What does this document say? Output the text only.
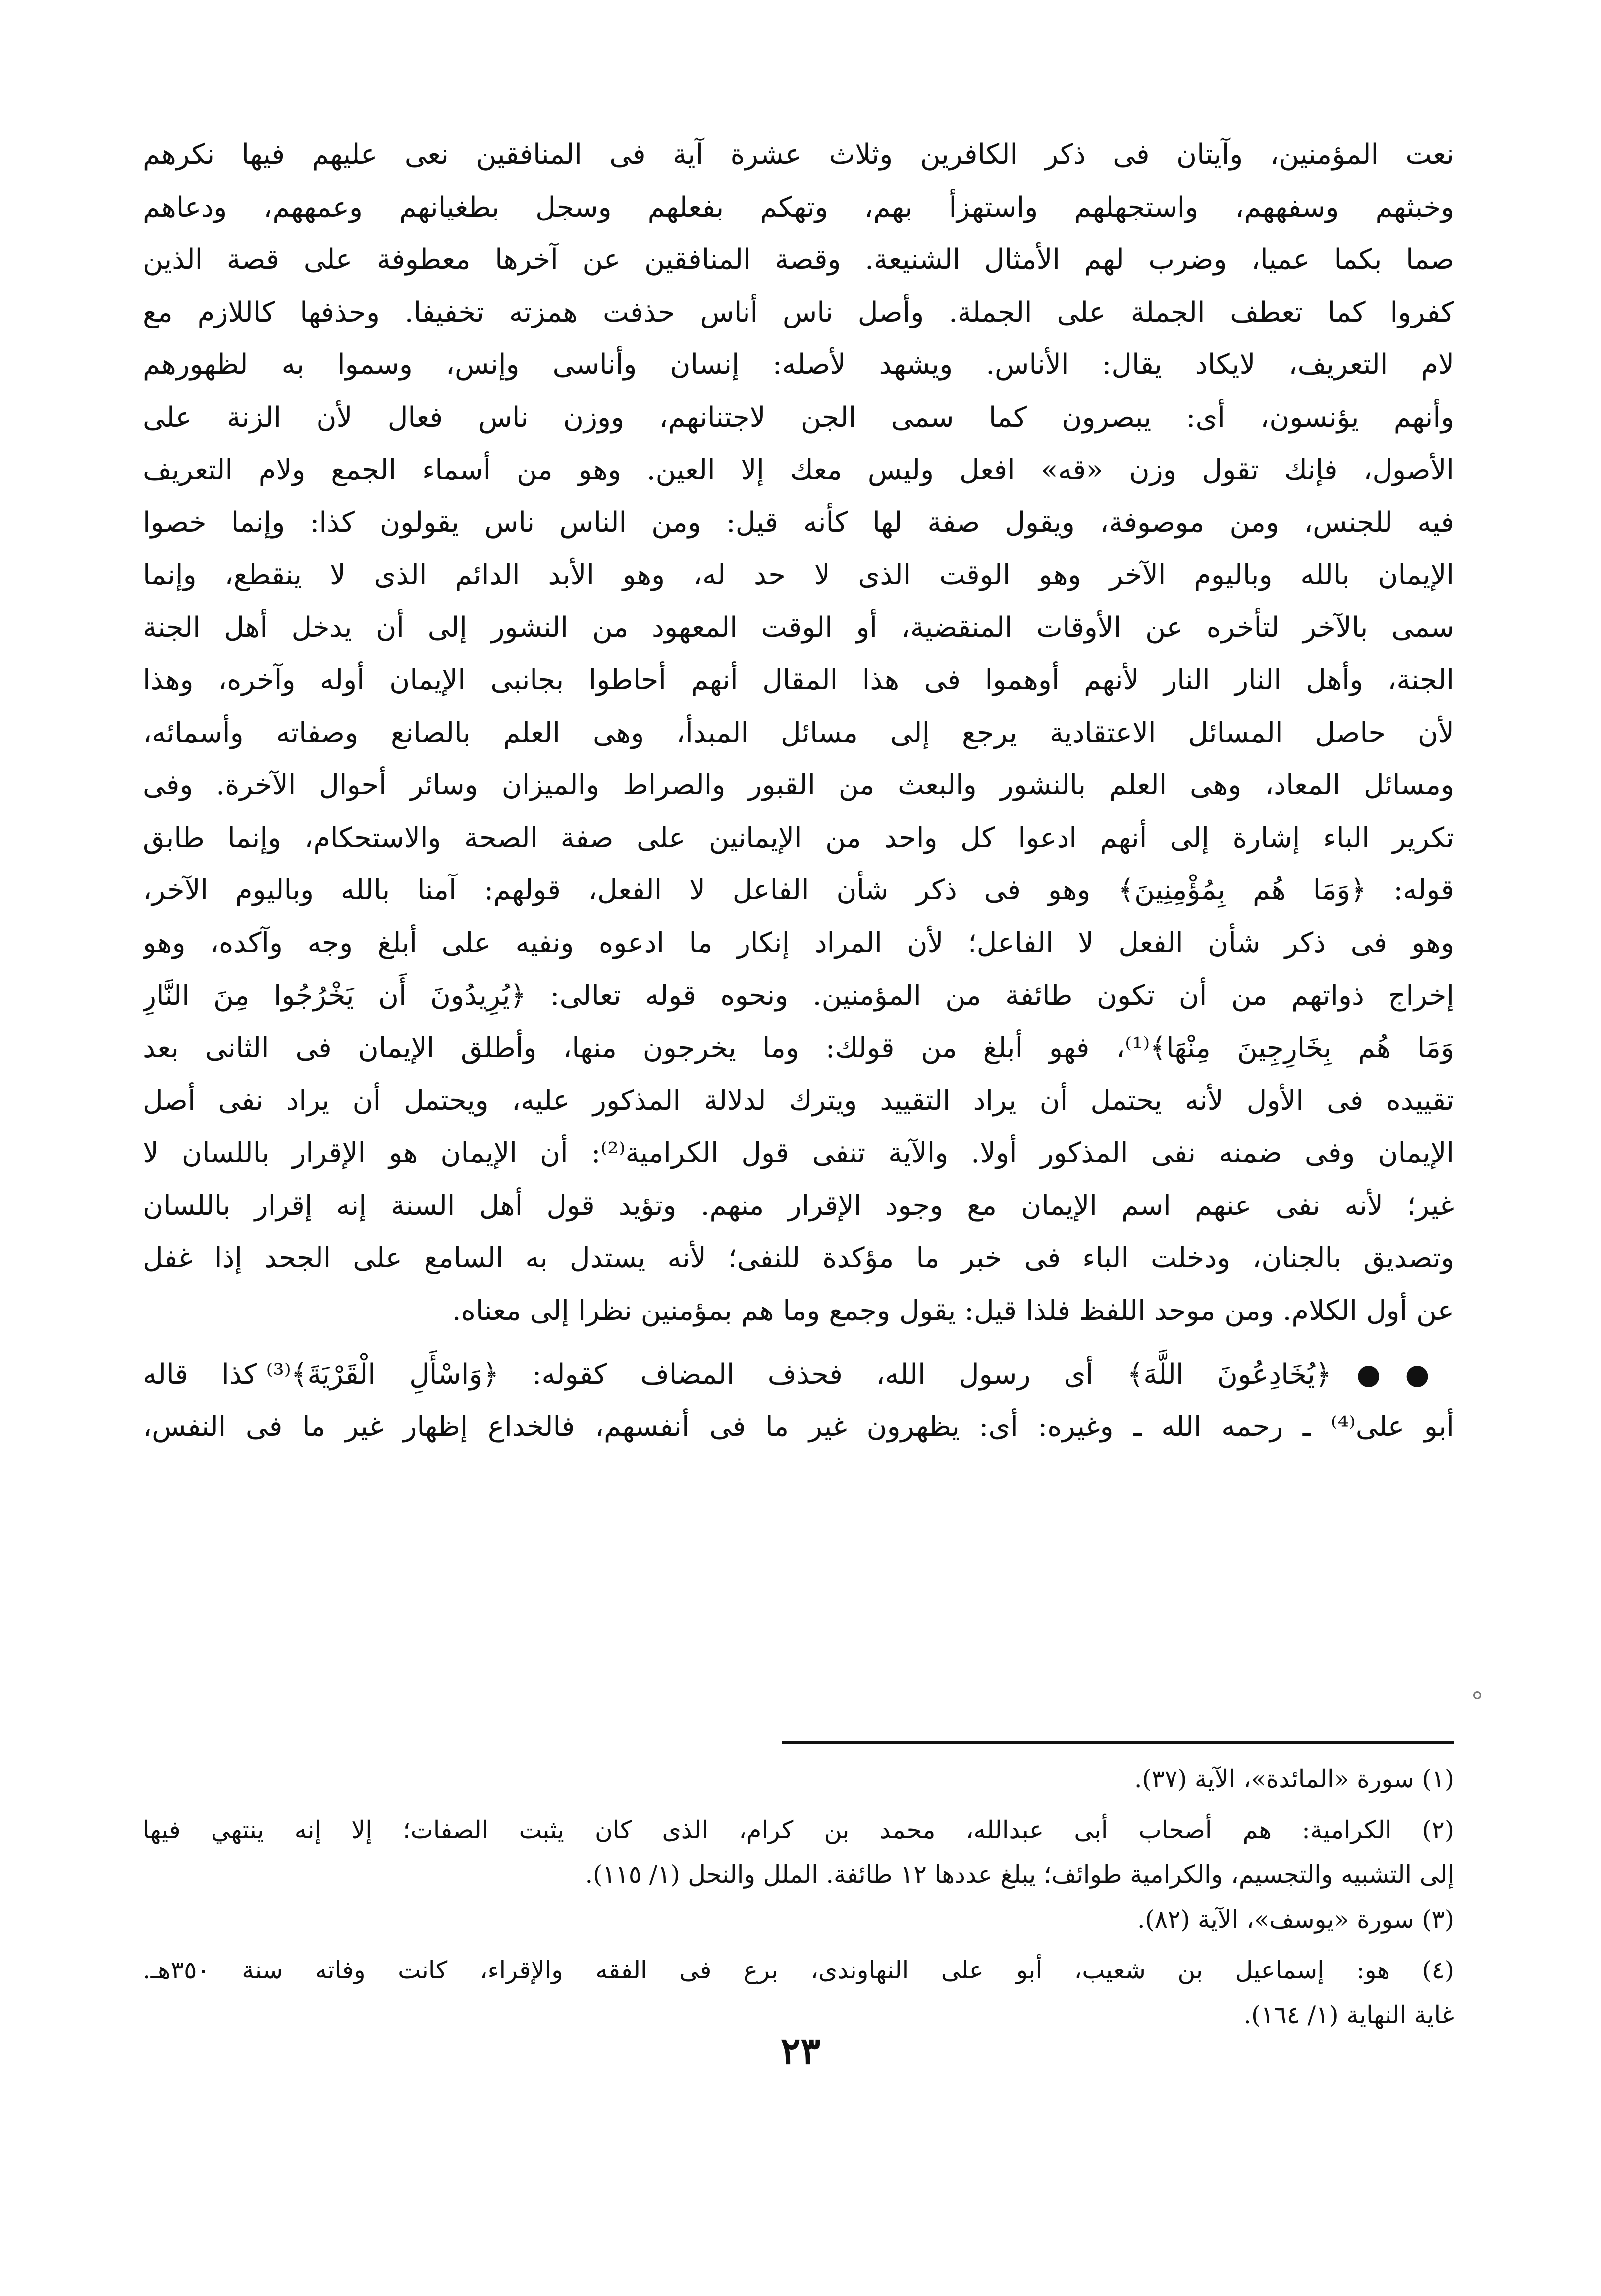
نعت المؤمنين، وآيتان فى ذكر الكافرين وثلاث عشرة آية فى المنافقين نعى عليهم فيها نكرهم
وخبثهم وسفههم، واستجهلهم واستهزأ بهم، وتهكم بفعلهم وسجل بطغيانهم وعمههم، ودعاهم
صما بكما عميا، وضرب لهم الأمثال الشنيعة. وقصة المنافقين عن آخرها معطوفة على قصة الذين
كفروا كما تعطف الجملة على الجملة. وأصل ناس أناس حذفت همزته تخفيفا. وحذفها كاللازم مع
لام التعريف، لايكاد يقال: الأناس. ويشهد لأصله: إنسان وأناسى وإنس، وسموا به لظهورهم
وأنهم يؤنسون، أى: يبصرون كما سمى الجن لاجتنانهم، ووزن ناس فعال لأن الزنة على
الأصول، فإنك تقول وزن «قه» افعل وليس معك إلا العين. وهو من أسماء الجمع ولام التعريف
فيه للجنس، ومن موصوفة، ويقول صفة لها كأنه قيل: ومن الناس ناس يقولون كذا: وإنما خصوا
الإيمان بالله وباليوم الآخر وهو الوقت الذى لا حد له، وهو الأبد الدائم الذى لا ينقطع، وإنما
سمى بالآخر لتأخره عن الأوقات المنقضية، أو الوقت المعهود من النشور إلى أن يدخل أهل الجنة
الجنة، وأهل النار النار لأنهم أوهموا فى هذا المقال أنهم أحاطوا بجانبى الإيمان أوله وآخره، وهذا
لأن حاصل المسائل الاعتقادية يرجع إلى مسائل المبدأ، وهى العلم بالصانع وصفاته وأسمائه،
ومسائل المعاد، وهى العلم بالنشور والبعث من القبور والصراط والميزان وسائر أحوال الآخرة. وفى
تكرير الباء إشارة إلى أنهم ادعوا كل واحد من الإيمانين على صفة الصحة والاستحكام، وإنما طابق
قوله: ﴿وَمَا هُم بِمُؤْمِنِينَ﴾ وهو فى ذكر شأن الفاعل لا الفعل، قولهم: آمنا بالله وباليوم الآخر،
وهو فى ذكر شأن الفعل لا الفاعل؛ لأن المراد إنكار ما ادعوه ونفيه على أبلغ وجه وآكده، وهو
إخراج ذواتهم من أن تكون طائفة من المؤمنين. ونحوه قوله تعالى: ﴿يُرِيدُونَ أَن يَخْرُجُوا مِنَ النَّارِ
وَمَا هُم بِخَارِجِينَ مِنْهَا﴾⁽¹⁾، فهو أبلغ من قولك: وما يخرجون منها، وأطلق الإيمان فى الثانى بعد
تقييده فى الأول لأنه يحتمل أن يراد التقييد ويترك لدلالة المذكور عليه، ويحتمل أن يراد نفى أصل
الإيمان وفى ضمنه نفى المذكور أولا. والآية تنفى قول الكرامية⁽²⁾: أن الإيمان هو الإقرار باللسان لا
غير؛ لأنه نفى عنهم اسم الإيمان مع وجود الإقرار منهم. وتؤيد قول أهل السنة إنه إقرار باللسان
وتصديق بالجنان، ودخلت الباء فى خبر ما مؤكدة للنفى؛ لأنه يستدل به السامع على الجحد إذا غفل
عن أول الكلام. ومن موحد اللفظ فلذا قيل: يقول وجمع وما هم بمؤمنين نظرا إلى معناه.
●●﴿يُخَادِعُونَ اللَّهَ﴾ أى رسول الله، فحذف المضاف كقوله: ﴿وَاسْأَلِ الْقَرْيَةَ﴾⁽³⁾ كذا قاله
أبو على⁽⁴⁾ ـ رحمه الله ـ وغيره: أى: يظهرون غير ما فى أنفسهم، فالخداع إظهار غير ما فى النفس،
(١) سورة «المائدة»، الآية (٣٧).
(٢) الكرامية: هم أصحاب أبى عبدالله، محمد بن كرام، الذى كان يثبت الصفات؛ إلا إنه ينتهي فيها
إلى التشبيه والتجسيم، والكرامية طوائف؛ يبلغ عددها ١٢ طائفة. الملل والنحل (١/ ١١٥).
(٣) سورة «يوسف»، الآية (٨٢).
(٤) هو: إسماعيل بن شعيب، أبو على النهاوندى، برع فى الفقه والإقراء، كانت وفاته سنة ٣٥٠هـ.
غاية النهاية (١/ ١٦٤).
٢٣
